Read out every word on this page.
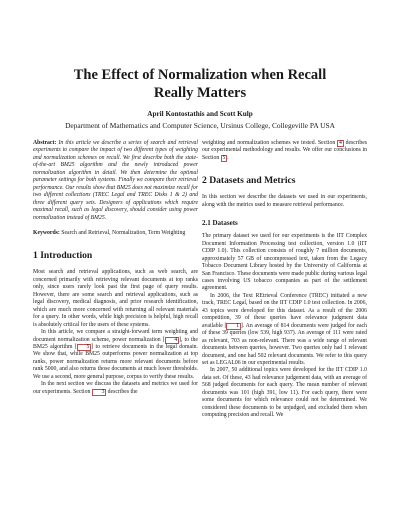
The Effect of Normalization when Recall
Really Matters
April Kontostathis and Scott Kulp
Department of Mathematics and Computer Science, Ursinus College, Collegeville PA USA

Abstract: In this article we describe a series of search and retrieval experiments to compare the impact of two different types of weighting and normalization schemes on recall. We first describe both the state-of-the-art BM25 algorithm and the newly introduced power normalization algorithm in detail. We then determine the optimal parameter settings for both systems. Finally we compare their retrieval performance. Our results show that BM25 does not maximize recall for two different collections (TREC Legal and TREC Disks 1 & 2) and three different query sets. Designers of applications which require maximal recall, such as legal discovery, should consider using power normalization instead of BM25.

Keywords: Search and Retrieval, Normalization, Term Weighting

1 Introduction

Most search and retrieval applications, such as web search, are concerned primarily with retrieving relevant documents at top ranks only, since users rarely look past the first page of query results. However, there are some search and retrieval applications, such as legal discovery, medical diagnosis, and prior research identification, which are much more concerned with returning all relevant materials for a query. In other words, while high precision is helpful, high recall is absolutely critical for the users of these systems.

In this article, we compare a straight-forward term weighting and document normalization scheme, power normalization [ 4 ], to the BM25 algorithm [ 5 ] to retrieve documents in the legal domain. We show that, while BM25 outperforms power normalization at top ranks, power normalization returns more relevant documents before rank 5000, and also returns those documents at much lower thresholds. We use a second, more general purpose, corpus to verify these results.

In the next section we discuss the datasets and metrics we used for our experiments. Section 3 describes the

weighting and normalization schemes we tested. Section 4 describes our experimental methodology and results. We offer our conclusions in Section 5 .

2 Datasets and Metrics

In this section we describe the datasets we used in our experiments, along with the metrics used to measure retrieval performance.

2.1 Datasets

The primary dataset we used for our experiments is the IIT Complex Document Information Processing test collection, version 1.0 (IIT CDIP 1.0). This collection consists of roughly 7 million documents, approximately 57 GB of uncompressed text, taken from the Legacy Tobacco Document Library hosted by the University of California at San Francisco. These documents were made public during various legal cases involving US tobacco companies as part of the settlement agreement.

In 2006, the Text REtrieval Conference (TREC) initiated a new track, TREC Legal, based on the IIT CDIP 1.0 test collection. In 2006, 43 topics were developed for this dataset. As a result of the 2006 competition, 39 of these queries have relevance judgment data available [ 1 ]. An average of 814 documents were judged for each of these 39 queries (low 539, high 937). An average of 111 were rated as relevant, 703 as non-relevant. There was a wide range of relevant documents between queries, however. Two queries only had 1 relevant document, and one had 502 relevant documents. We refer to this query set as LEGAL06 in our experimental results.

In 2007, 50 additional topics were developed for the IIT CDIP 1.0 data set. Of these, 43 had relevance judgement data, with an average of 568 judged documents for each query. The mean number of relevant documents was 101 (high 391, low 11). For each query, there were some documents for which relevance could not be determined. We considered these documents to be unjudged, and excluded them when computing precision and recall. We
